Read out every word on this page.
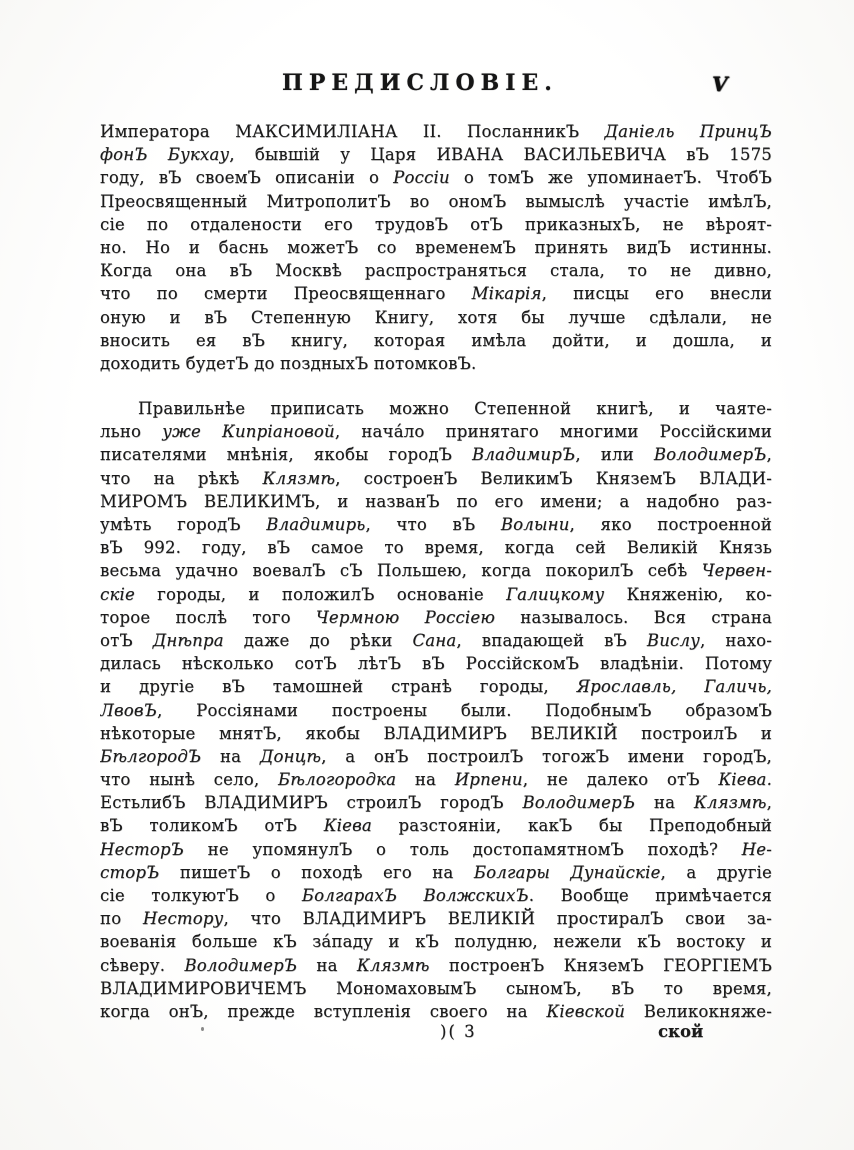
ПРЕДИСЛОВІЕ.	V
Императора МАКСИМИЛІАНА II. ПосланникЪ Даніель ПринцЪ
фонЪ Букхау, бывшій у Царя ИВАНА ВАСИЛЬЕВИЧА вЪ 1575
году, вЪ своемЪ описаніи о Россіи о томЪ же упоминаетЪ. ЧтобЪ
Преосвященный МитрополитЪ во ономЪ вымыслѣ участіе имѣлЪ,
сіе по отдалености его трудовЪ отЪ приказныхЪ, не вѣроят-
но. Но и баснь можетЪ со временемЪ принять видЪ истинны.
Когда она вЪ Москвѣ распространяться стала, то не дивно,
что по смерти Преосвященнаго Мікарія, писцы его внесли
оную и вЪ Степенную Книгу, хотя бы лучше сдѣлали, не
вносить ея вЪ книгу, которая имѣла дойти, и дошла, и
доходить будетЪ до поздныхЪ потомковЪ.
Правильнѣе приписать можно Степенной книгѣ, и чаяте-
льно уже Кипріановой, нача́ло принятаго многими Россійскими
писателями мнѣнія, якобы городЪ ВладимирЪ, или ВолодимерЪ,
что на рѣкѣ Клязмѣ, состроенЪ ВеликимЪ КняземЪ ВЛАДИ-
МИРОМЪ ВЕЛИКИМЪ, и названЪ по его имени; а надобно раз-
умѣть городЪ Владимирь, что вЪ Волыни, яко построенной
вЪ 992. году, вЪ самое то время, когда сей Великій Князь
весьма удачно воевалЪ сЪ Польшею, когда покорилЪ себѣ Червен-
скіе городы, и положилЪ основаніе Галицкому Княженію, ко-
торое послѣ того Чермною Россіею называлось. Вся страна
отЪ Днѣпра даже до рѣки Сана, впадающей вЪ Вислу, нахо-
дилась нѣсколько сотЪ лѣтЪ вЪ РоссійскомЪ владѣніи. Потому
и другіе вЪ тамошней странѣ городы, Ярославль, Галичь,
ЛвовЪ, Россіянами построены были. ПодобнымЪ образомЪ
нѣкоторые мнятЪ, якобы ВЛАДИМИРЪ ВЕЛИКІЙ построилЪ и
БѣлгородЪ на Донцѣ, а онЪ построилЪ тогожЪ имени городЪ,
что нынѣ село, Бѣлогородка на Ирпени, не далеко отЪ Кіева.
ЕстьлибЪ ВЛАДИМИРЪ строилЪ городЪ ВолодимерЪ на Клязмѣ,
вЪ толикомЪ отЪ Кіева разстояніи, какЪ бы Преподобный
НесторЪ не упомянулЪ о толь достопамятномЪ походѣ? Не-
сторЪ пишетЪ о походѣ его на Болгары Дунайскіе, а другіе
сіе толкуютЪ о БолгарахЪ ВолжскихЪ. Вообще примѣчается
по Нестору, что ВЛАДИМИРЪ ВЕЛИКІЙ простиралЪ свои за-
воеванія больше кЪ за́паду и кЪ полудню, нежели кЪ востоку и
сѣверу. ВолодимерЪ на Клязмѣ построенЪ КняземЪ ГЕОРГІЕМЪ
ВЛАДИМИРОВИЧЕМЪ МономаховымЪ сыномЪ, вЪ то время,
когда онЪ, прежде вступленія своего на Кіевской Великокняже-
)( 3	ской
